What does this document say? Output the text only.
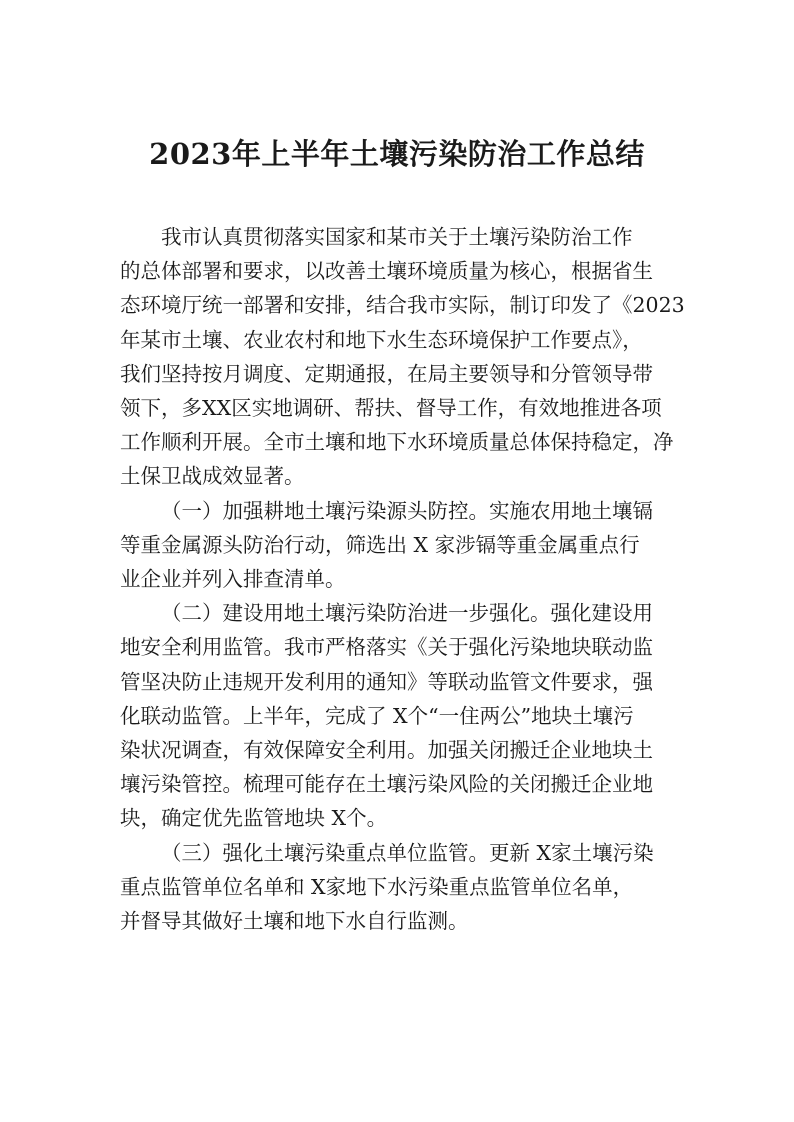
2023年上半年土壤污染防治工作总结

我市认真贯彻落实国家和某市关于土壤污染防治工作
的总体部署和要求，以改善土壤环境质量为核心，根据省生
态环境厅统一部署和安排，结合我市实际，制订印发了《2023
年某市土壤、农业农村和地下水生态环境保护工作要点》，
我们坚持按月调度、定期通报，在局主要领导和分管领导带
领下，多XX区实地调研、帮扶、督导工作，有效地推进各项
工作顺利开展。全市土壤和地下水环境质量总体保持稳定，净
土保卫战成效显著。

（一）加强耕地土壤污染源头防控。实施农用地土壤镉
等重金属源头防治行动，筛选出 X 家涉镉等重金属重点行
业企业并列入排查清单。

（二）建设用地土壤污染防治进一步强化。强化建设用
地安全利用监管。我市严格落实《关于强化污染地块联动监
管坚决防止违规开发利用的通知》等联动监管文件要求，强
化联动监管。上半年，完成了 X个“一住两公”地块土壤污
染状况调查，有效保障安全利用。加强关闭搬迁企业地块土
壤污染管控。梳理可能存在土壤污染风险的关闭搬迁企业地
块，确定优先监管地块 X个。

（三）强化土壤污染重点单位监管。更新 X家土壤污染
重点监管单位名单和 X家地下水污染重点监管单位名单，
并督导其做好土壤和地下水自行监测。
